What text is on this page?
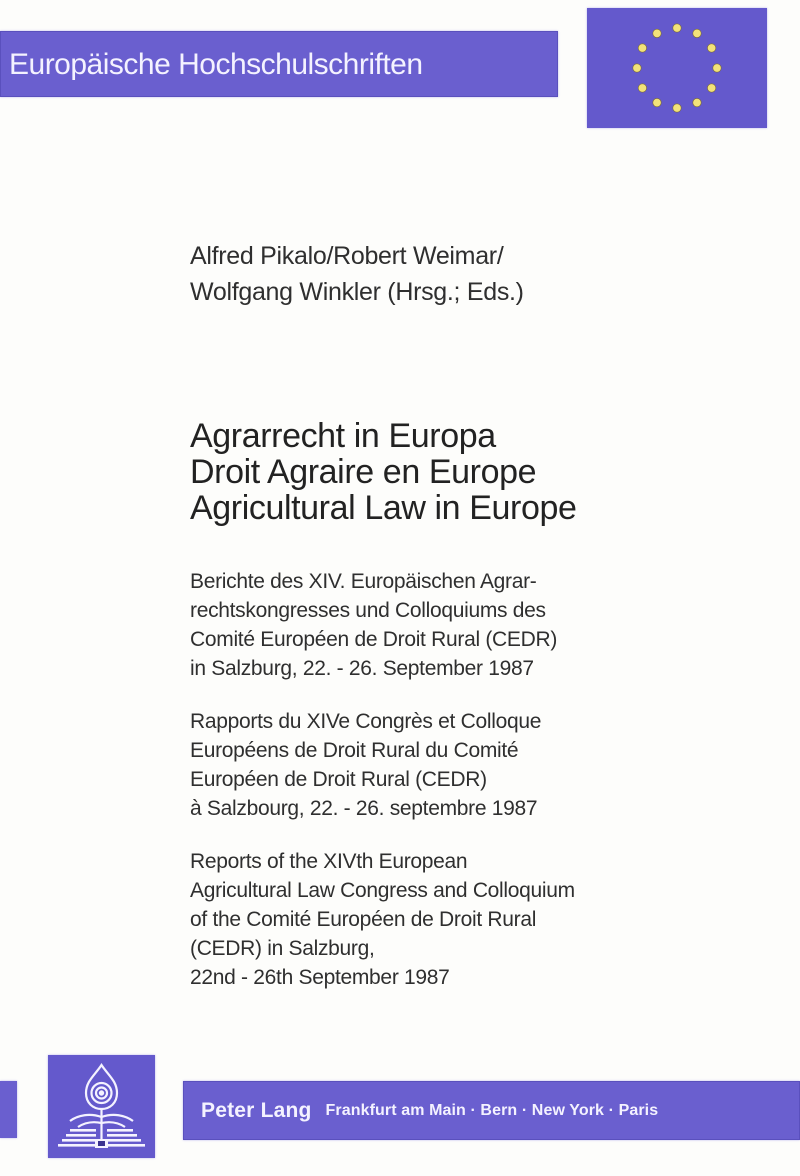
Europäische Hochschulschriften
Alfred Pikalo/Robert Weimar/
Wolfgang Winkler (Hrsg.; Eds.)
Agrarrecht in Europa
Droit Agraire en Europe
Agricultural Law in Europe
Berichte des XIV. Europäischen Agrar-
rechtskongresses und Colloquiums des
Comité Européen de Droit Rural (CEDR)
in Salzburg, 22. - 26. September 1987
Rapports du XIVe Congrès et Colloque
Européens de Droit Rural du Comité
Européen de Droit Rural (CEDR)
à Salzbourg, 22. - 26. septembre 1987
Reports of the XIVth European
Agricultural Law Congress and Colloquium
of the Comité Européen de Droit Rural
(CEDR) in Salzburg,
22nd - 26th September 1987
Peter Lang Frankfurt am Main · Bern · New York · Paris
